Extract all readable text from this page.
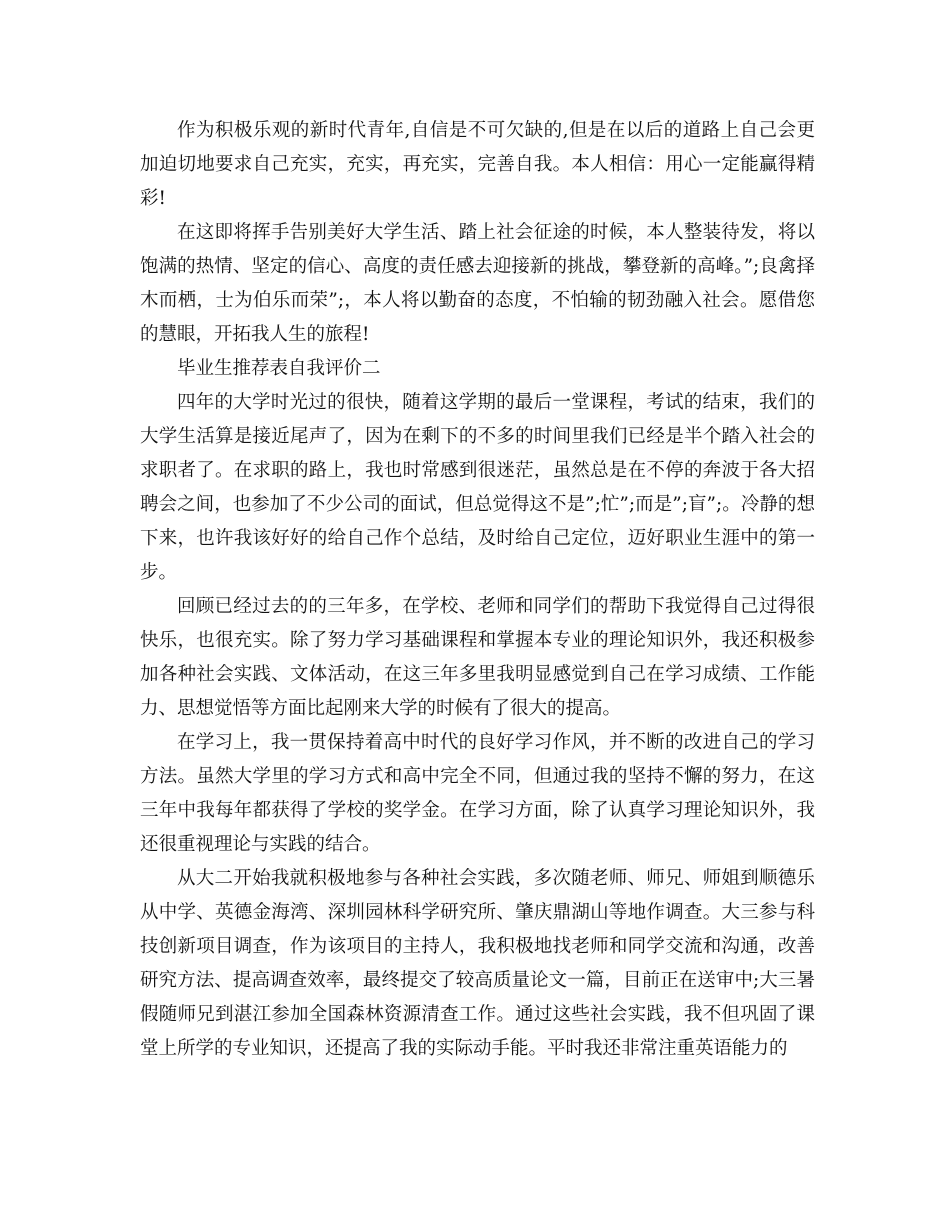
作为积极乐观的新时代青年,自信是不可欠缺的,但是在以后的道路上自己会更加迫切地要求自己充实，充实，再充实，完善自我。本人相信：用心一定能赢得精彩!

在这即将挥手告别美好大学生活、踏上社会征途的时候，本人整装待发，将以饱满的热情、坚定的信心、高度的责任感去迎接新的挑战，攀登新的高峰。”;良禽择木而栖，士为伯乐而荣”;，本人将以勤奋的态度，不怕输的韧劲融入社会。愿借您的慧眼，开拓我人生的旅程!

毕业生推荐表自我评价二

四年的大学时光过的很快，随着这学期的最后一堂课程，考试的结束，我们的大学生活算是接近尾声了，因为在剩下的不多的时间里我们已经是半个踏入社会的求职者了。在求职的路上，我也时常感到很迷茫，虽然总是在不停的奔波于各大招聘会之间，也参加了不少公司的面试，但总觉得这不是”;忙”;而是”;盲”;。冷静的想下来，也许我该好好的给自己作个总结，及时给自己定位，迈好职业生涯中的第一步。

回顾已经过去的的三年多，在学校、老师和同学们的帮助下我觉得自己过得很快乐，也很充实。除了努力学习基础课程和掌握本专业的理论知识外，我还积极参加各种社会实践、文体活动，在这三年多里我明显感觉到自己在学习成绩、工作能力、思想觉悟等方面比起刚来大学的时候有了很大的提高。

在学习上，我一贯保持着高中时代的良好学习作风，并不断的改进自己的学习方法。虽然大学里的学习方式和高中完全不同，但通过我的坚持不懈的努力，在这三年中我每年都获得了学校的奖学金。在学习方面，除了认真学习理论知识外，我还很重视理论与实践的结合。

从大二开始我就积极地参与各种社会实践，多次随老师、师兄、师姐到顺德乐从中学、英德金海湾、深圳园林科学研究所、肇庆鼎湖山等地作调查。大三参与科技创新项目调查，作为该项目的主持人，我积极地找老师和同学交流和沟通，改善研究方法、提高调查效率，最终提交了较高质量论文一篇，目前正在送审中;大三暑假随师兄到湛江参加全国森林资源清查工作。通过这些社会实践，我不但巩固了课堂上所学的专业知识，还提高了我的实际动手能。平时我还非常注重英语能力的
